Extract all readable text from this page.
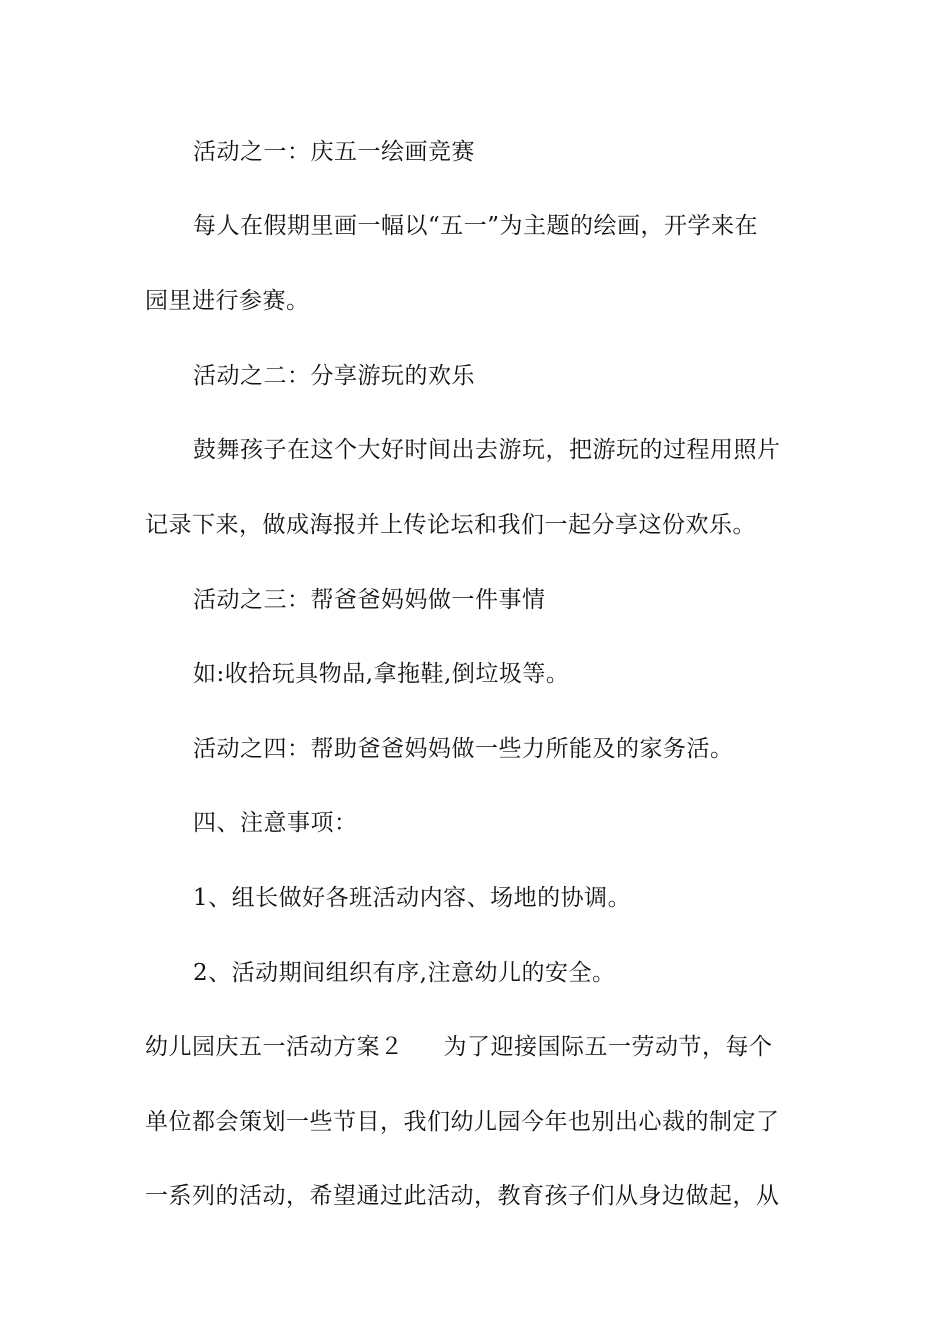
活动之一：庆五一绘画竞赛
每人在假期里画一幅以“五一”为主题的绘画，开学来在
园里进行参赛。
活动之二：分享游玩的欢乐
鼓舞孩子在这个大好时间出去游玩，把游玩的过程用照片
记录下来，做成海报并上传论坛和我们一起分享这份欢乐。
活动之三：帮爸爸妈妈做一件事情
如:收拾玩具物品,拿拖鞋,倒垃圾等。
活动之四：帮助爸爸妈妈做一些力所能及的家务活。
四、注意事项：
1、组长做好各班活动内容、场地的协调。
2、活动期间组织有序,注意幼儿的安全。
幼儿园庆五一活动方案２ 为了迎接国际五一劳动节，每个
单位都会策划一些节目，我们幼儿园今年也别出心裁的制定了
一系列的活动，希望通过此活动，教育孩子们从身边做起，从
